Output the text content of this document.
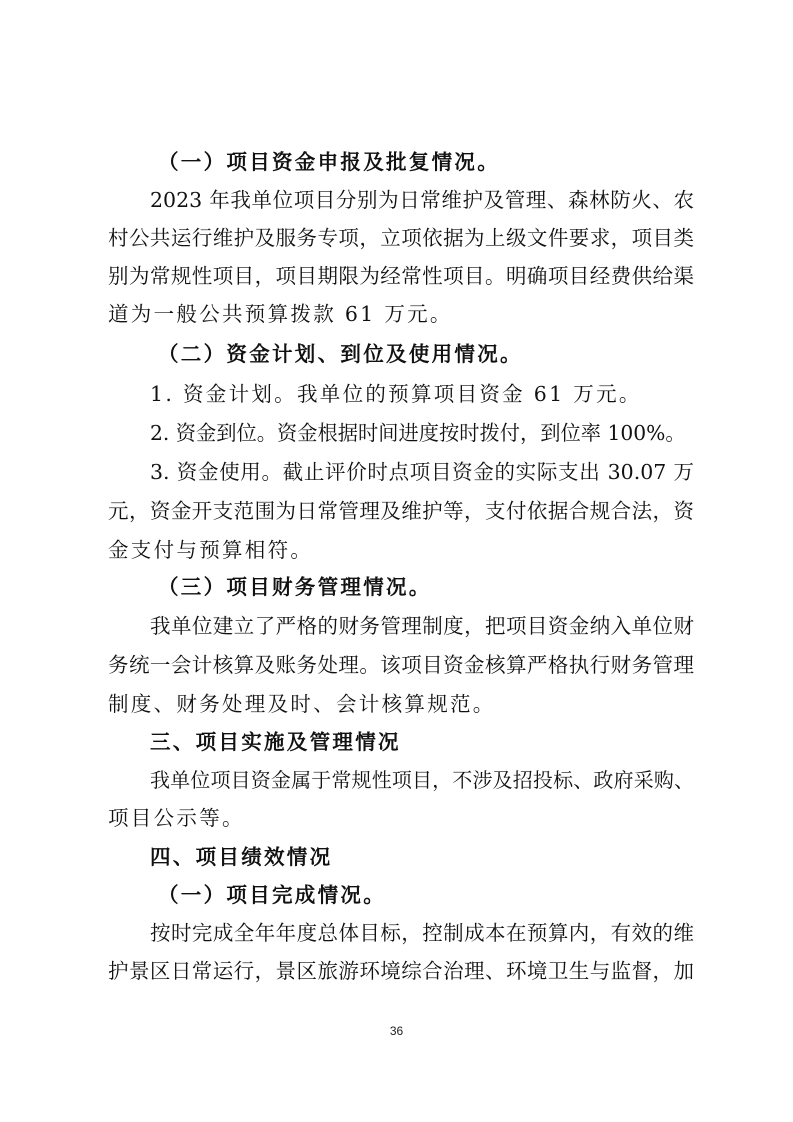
（一）项目资金申报及批复情况。
2023 年我单位项目分别为日常维护及管理、森林防火、农
村公共运行维护及服务专项，立项依据为上级文件要求，项目类
别为常规性项目，项目期限为经常性项目。明确项目经费供给渠
道为一般公共预算拨款 61 万元。
（二）资金计划、到位及使用情况。
1. 资金计划。我单位的预算项目资金 61 万元。
2. 资金到位。资金根据时间进度按时拨付，到位率 100%。
3. 资金使用。截止评价时点项目资金的实际支出 30.07 万
元，资金开支范围为日常管理及维护等，支付依据合规合法，资
金支付与预算相符。
（三）项目财务管理情况。
我单位建立了严格的财务管理制度，把项目资金纳入单位财
务统一会计核算及账务处理。该项目资金核算严格执行财务管理
制度、财务处理及时、会计核算规范。
三、项目实施及管理情况
我单位项目资金属于常规性项目，不涉及招投标、政府采购、
项目公示等。
四、项目绩效情况
（一）项目完成情况。
按时完成全年年度总体目标，控制成本在预算内，有效的维
护景区日常运行，景区旅游环境综合治理、环境卫生与监督，加
36
